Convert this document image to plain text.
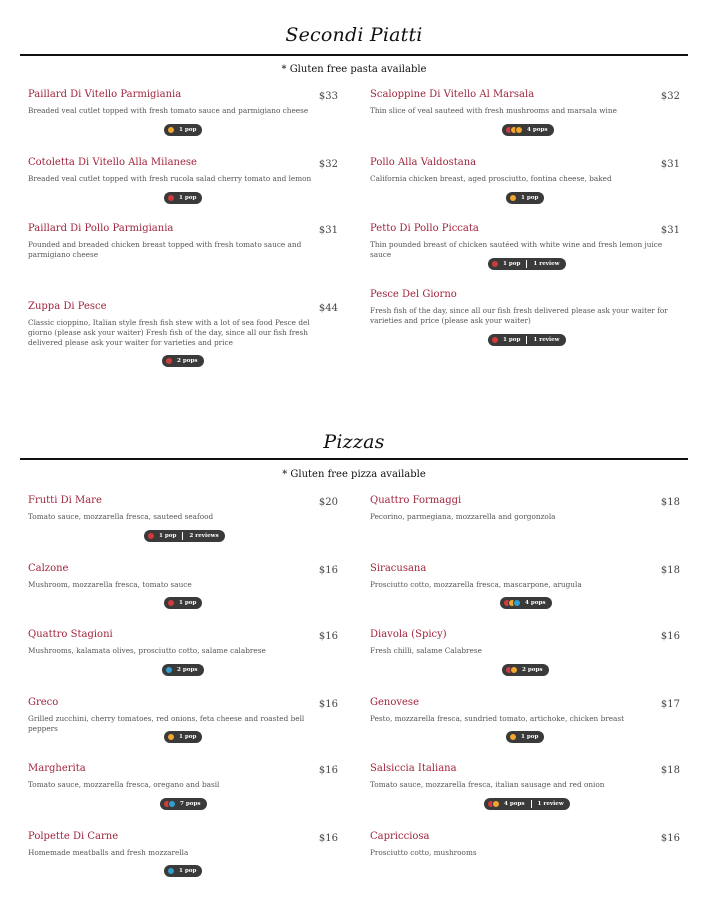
Secondi Piatti
* Gluten free pasta available
Pizzas
* Gluten free pizza available
Paillard Di Vitello Parmigiania	$33
Breaded veal cutlet topped with fresh tomato sauce and parmigiano cheese
1 pop
Scaloppine Di Vitello Al Marsala	$32
Thin slice of veal sauteed with fresh mushrooms and marsala wine
4 pops
Cotoletta Di Vitello Alla Milanese	$32
Breaded veal cutlet topped with fresh rucola salad cherry tomato and lemon
1 pop
Pollo Alla Valdostana	$31
California chicken breast, aged prosciutto, fontina cheese, baked
1 pop
Paillard Di Pollo Parmigiania	$31
Pounded and breaded chicken breast topped with fresh tomato sauce and parmigiano cheese
Petto Di Pollo Piccata	$31
Thin pounded breast of chicken sautéed with white wine and fresh lemon juice sauce
1 pop 1 review
Zuppa Di Pesce	$44
Classic cioppino, Italian style fresh fish stew with a lot of sea food Pesce del giorno (please ask your waiter) Fresh fish of the day, since all our fish fresh delivered please ask your waiter for varieties and price
2 pops
Pesce Del Giorno
Fresh fish of the day, since all our fish fresh delivered please ask your waiter for varieties and price (please ask your waiter)
1 pop 1 review
Frutti Di Mare	$20
Tomato sauce, mozzarella fresca, sauteed seafood
1 pop 2 reviews
Quattro Formaggi	$18
Pecorino, parmegiana, mozzarella and gorgonzola
Calzone	$16
Mushroom, mozzarella fresca, tomato sauce
1 pop
Siracusana	$18
Prosciutto cotto, mozzarella fresca, mascarpone, arugula
4 pops
Quattro Stagioni	$16
Mushrooms, kalamata olives, prosciutto cotto, salame calabrese
2 pops
Diavola (Spicy)	$16
Fresh chilli, salame Calabrese
2 pops
Greco	$16
Grilled zucchini, cherry tomatoes, red onions, feta cheese and roasted bell peppers
1 pop
Genovese	$17
Pesto, mozzarella fresca, sundried tomato, artichoke, chicken breast
1 pop
Margherita	$16
Tomato sauce, mozzarella fresca, oregano and basil
7 pops
Salsiccia Italiana	$18
Tomato sauce, mozzarella fresca, italian sausage and red onion
4 pops 1 review
Polpette Di Carne	$16
Homemade meatballs and fresh mozzarella
1 pop
Capricciosa	$16
Prosciutto cotto, mushrooms
